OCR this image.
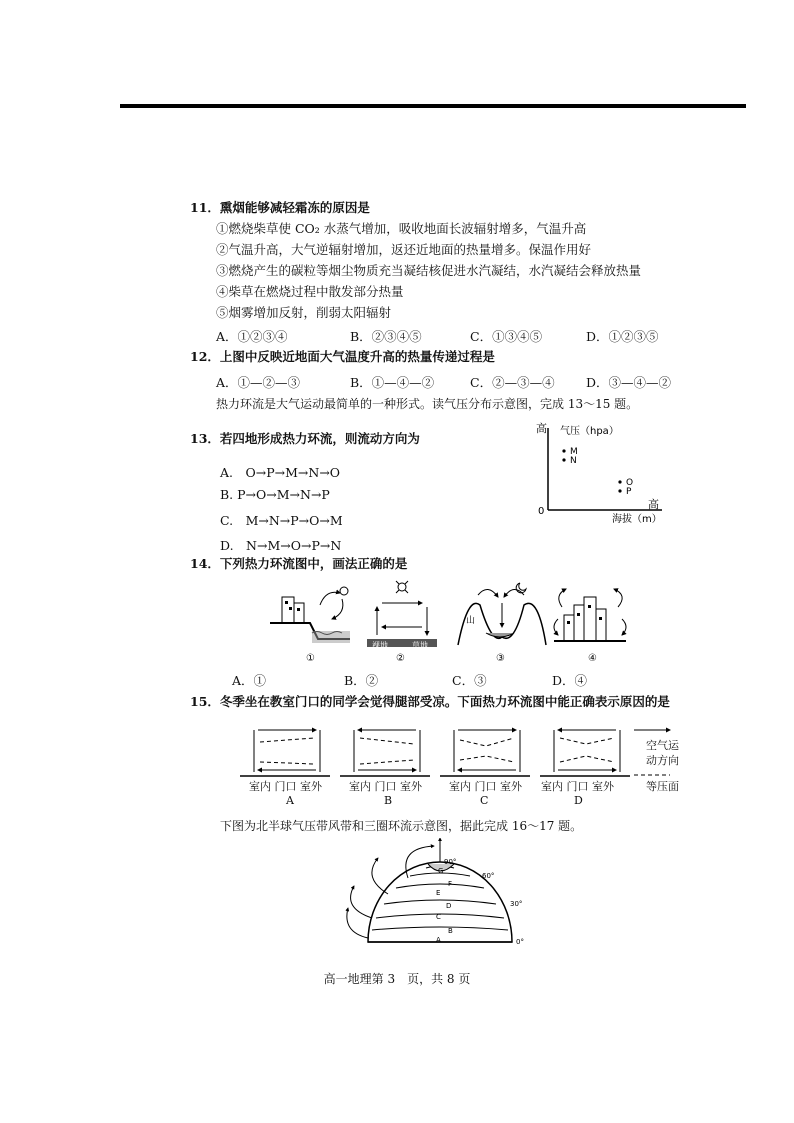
11．熏烟能够减轻霜冻的原因是
①燃烧柴草使 CO₂ 水蒸气增加，吸收地面长波辐射增多，气温升高
②气温升高，大气逆辐射增加，返还近地面的热量增多。保温作用好
③燃烧产生的碳粒等烟尘物质充当凝结核促进水汽凝结，水汽凝结会释放热量
④柴草在燃烧过程中散发部分热量
⑤烟雾增加反射，削弱太阳辐射
A．①②③④	B．②③④⑤	C．①③④⑤	D．①②③⑤
12．上图中反映近地面大气温度升高的热量传递过程是
A．①—②—③	B．①—④—②	C．②—③—④	D．③—④—②
热力环流是大气运动最简单的一种形式。读气压分布示意图，完成 13～15 题。
13．若四地形成热力环流，则流动方向为
A.　O→P→M→N→O
B. P→O→M→N→P
C.　M→N→P→O→M
D.　N→M→O→P→N
高 气压（hpa）
0
高
海拔（m）
M
N
O
P
14．下列热力环流图中，画法正确的是
①
裸地	草地
②
山
③	④
A．①	B．②	C．③	D．④
15．冬季坐在教室门口的同学会觉得腿部受凉。下面热力环流图中能正确表示原因的是
空气运
动方向
等压面
室内 门口 室外 室内 门口 室外 室内 门口 室外 室内 门口 室外
A	B	C	D
下图为北半球气压带风带和三圈环流示意图，据此完成 16～17 题。
90°
60°
30°
0°
G
F
E
D
C
B
A
高一地理第 3　页，共 8 页
